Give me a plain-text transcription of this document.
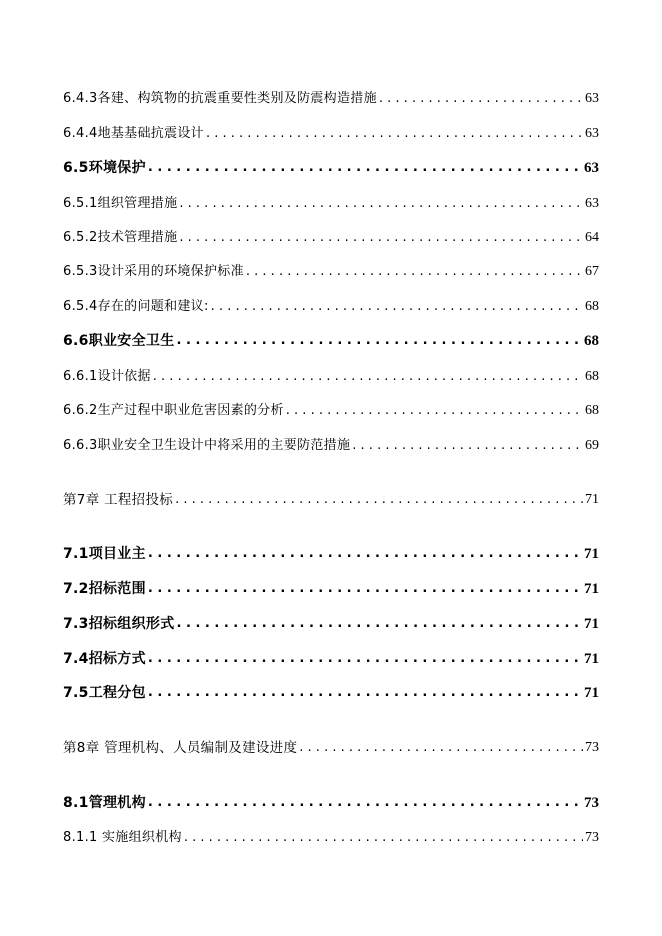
6.4.3各建、构筑物的抗震重要性类别及防震构造措施 . . .	63
6.4.4地基基础抗震设计 . . .	63
6.5环境保护 . . .	63
6.5.1组织管理措施 . . .	63
6.5.2技术管理措施 . . .	64
6.5.3设计采用的环境保护标准 . . .	67
6.5.4存在的问题和建议: . . .	68
6.6职业安全卫生 . . .	68
6.6.1设计依据 . . .	68
6.6.2生产过程中职业危害因素的分析 . . .	68
6.6.3职业安全卫生设计中将采用的主要防范措施 . . .	69
第7章 工程招投标 . . .	71
7.1项目业主 . . .	71
7.2招标范围 . . .	71
7.3招标组织形式 . . .	71
7.4招标方式 . . .	71
7.5工程分包 . . .	71
第8章 管理机构、人员编制及建设进度 . . .	73
8.1管理机构 . . .	73
8.1.1 实施组织机构 . . .	73
